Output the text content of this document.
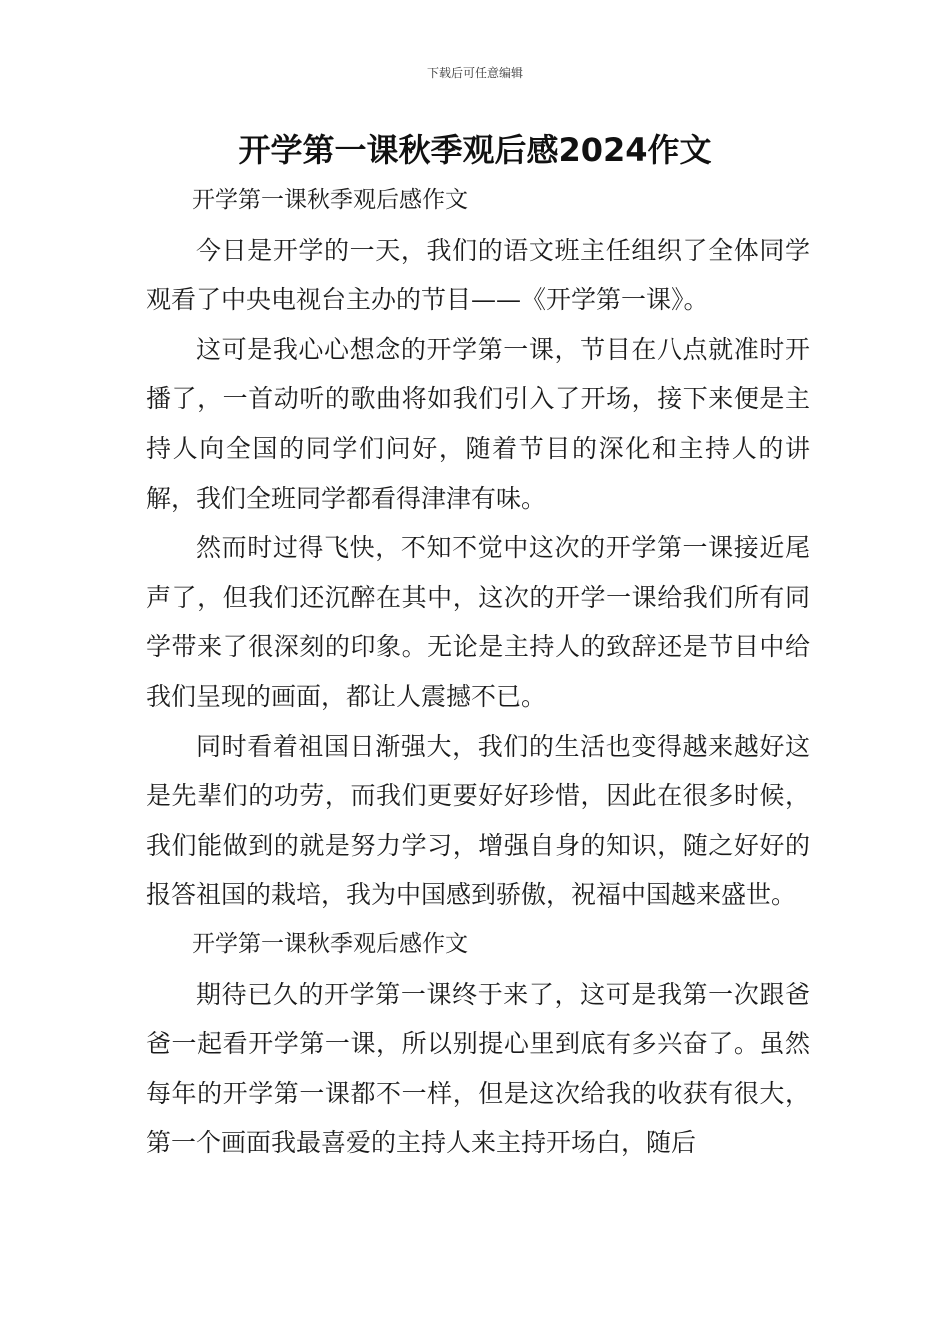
下载后可任意编辑
开学第一课秋季观后感2024作文

开学第一课秋季观后感作文

今日是开学的一天，我们的语文班主任组织了全体同学观看了中央电视台主办的节目——《开学第一课》。

这可是我心心想念的开学第一课，节目在八点就准时开播了，一首动听的歌曲将如我们引入了开场，接下来便是主持人向全国的同学们问好，随着节目的深化和主持人的讲解，我们全班同学都看得津津有味。

然而时过得飞快，不知不觉中这次的开学第一课接近尾声了，但我们还沉醉在其中，这次的开学一课给我们所有同学带来了很深刻的印象。无论是主持人的致辞还是节目中给我们呈现的画面，都让人震撼不已。

同时看着祖国日渐强大，我们的生活也变得越来越好这是先辈们的功劳，而我们更要好好珍惜，因此在很多时候，我们能做到的就是努力学习，增强自身的知识，随之好好的报答祖国的栽培，我为中国感到骄傲，祝福中国越来盛世。

开学第一课秋季观后感作文

期待已久的开学第一课终于来了，这可是我第一次跟爸爸一起看开学第一课，所以别提心里到底有多兴奋了。虽然每年的开学第一课都不一样，但是这次给我的收获有很大，第一个画面我最喜爱的主持人来主持开场白，随后
